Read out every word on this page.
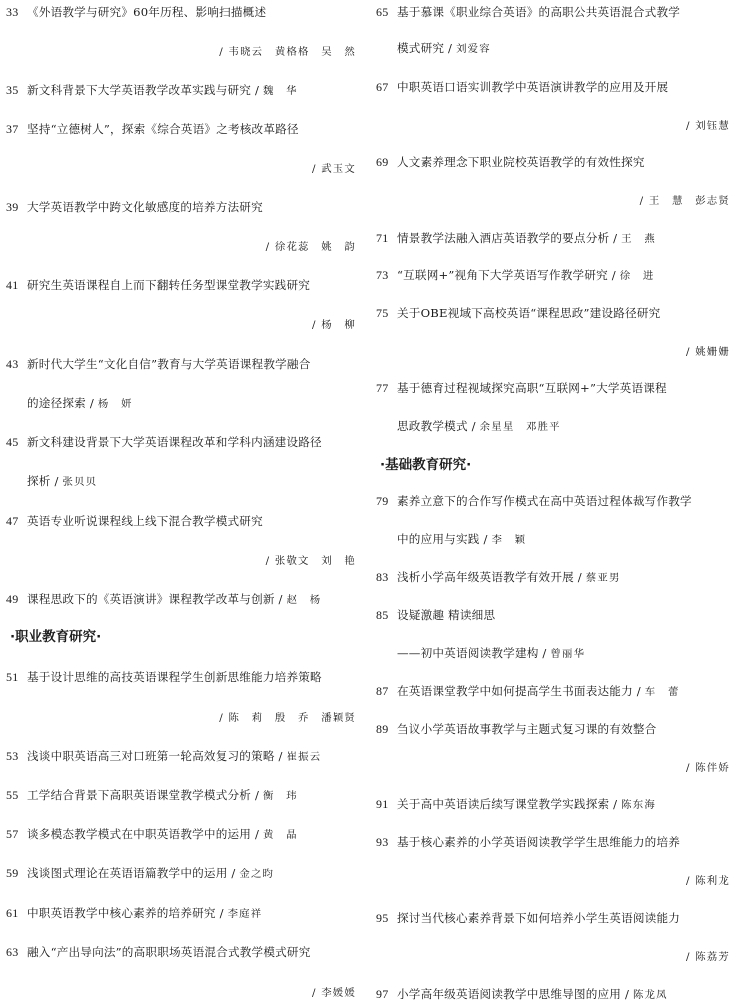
33 《外语教学与研究》60年历程、影响扫描概述
/ 韦晓云　黄格格　吴　然
35 新文科背景下大学英语教学改革实践与研究 / 魏　华
37 坚持“立德树人”，探索《综合英语》之考核改革路径
/ 武玉文
39 大学英语教学中跨文化敏感度的培养方法研究
/ 徐花蕊　姚　韵
41 研究生英语课程自上而下翻转任务型课堂教学实践研究
/ 杨　柳
43 新时代大学生“文化自信”教育与大学英语课程教学融合
的途径探索 / 杨　妍
45 新文科建设背景下大学英语课程改革和学科内涵建设路径
探析 / 张贝贝
47 英语专业听说课程线上线下混合教学模式研究
/ 张敬文　刘　艳
49 课程思政下的《英语演讲》课程教学改革与创新 / 赵　杨
·职业教育研究·
51 基于设计思维的高技英语课程学生创新思维能力培养策略
/ 陈　莉　殷　乔　潘颖贤
53 浅谈中职英语高三对口班第一轮高效复习的策略 / 崔振云
55 工学结合背景下高职英语课堂教学模式分析 / 衡　玮
57 谈多模态教学模式在中职英语教学中的运用 / 黄　晶
59 浅谈图式理论在英语语篇教学中的运用 / 金之昀
61 中职英语教学中核心素养的培养研究 / 李庭祥
63 融入“产出导向法”的高职职场英语混合式教学模式研究
/ 李媛媛
65 基于慕课《职业综合英语》的高职公共英语混合式教学
模式研究 / 刘爱容
67 中职英语口语实训教学中英语演讲教学的应用及开展
/ 刘钰慧
69 人文素养理念下职业院校英语教学的有效性探究
/ 王　慧　彭志贤
71 情景教学法融入酒店英语教学的要点分析 / 王　燕
73 “互联网+”视角下大学英语写作教学研究 / 徐　进
75 关于OBE视域下高校英语“课程思政”建设路径研究
/ 姚姗姗
77 基于德育过程视域探究高职“互联网+”大学英语课程
思政教学模式 / 余星星　邓胜平
·基础教育研究·
79 素养立意下的合作写作模式在高中英语过程体裁写作教学
中的应用与实践 / 李　颖
83 浅析小学高年级英语教学有效开展 / 蔡亚男
85 设疑激趣 精读细思
——初中英语阅读教学建构 / 曾丽华
87 在英语课堂教学中如何提高学生书面表达能力 / 车　蕾
89 刍议小学英语故事教学与主题式复习课的有效整合
/ 陈伴娇
91 关于高中英语读后续写课堂教学实践探索 / 陈东海
93 基于核心素养的小学英语阅读教学学生思维能力的培养
/ 陈利龙
95 探讨当代核心素养背景下如何培养小学生英语阅读能力
/ 陈荔芳
97 小学高年级英语阅读教学中思维导图的应用 / 陈龙凤
